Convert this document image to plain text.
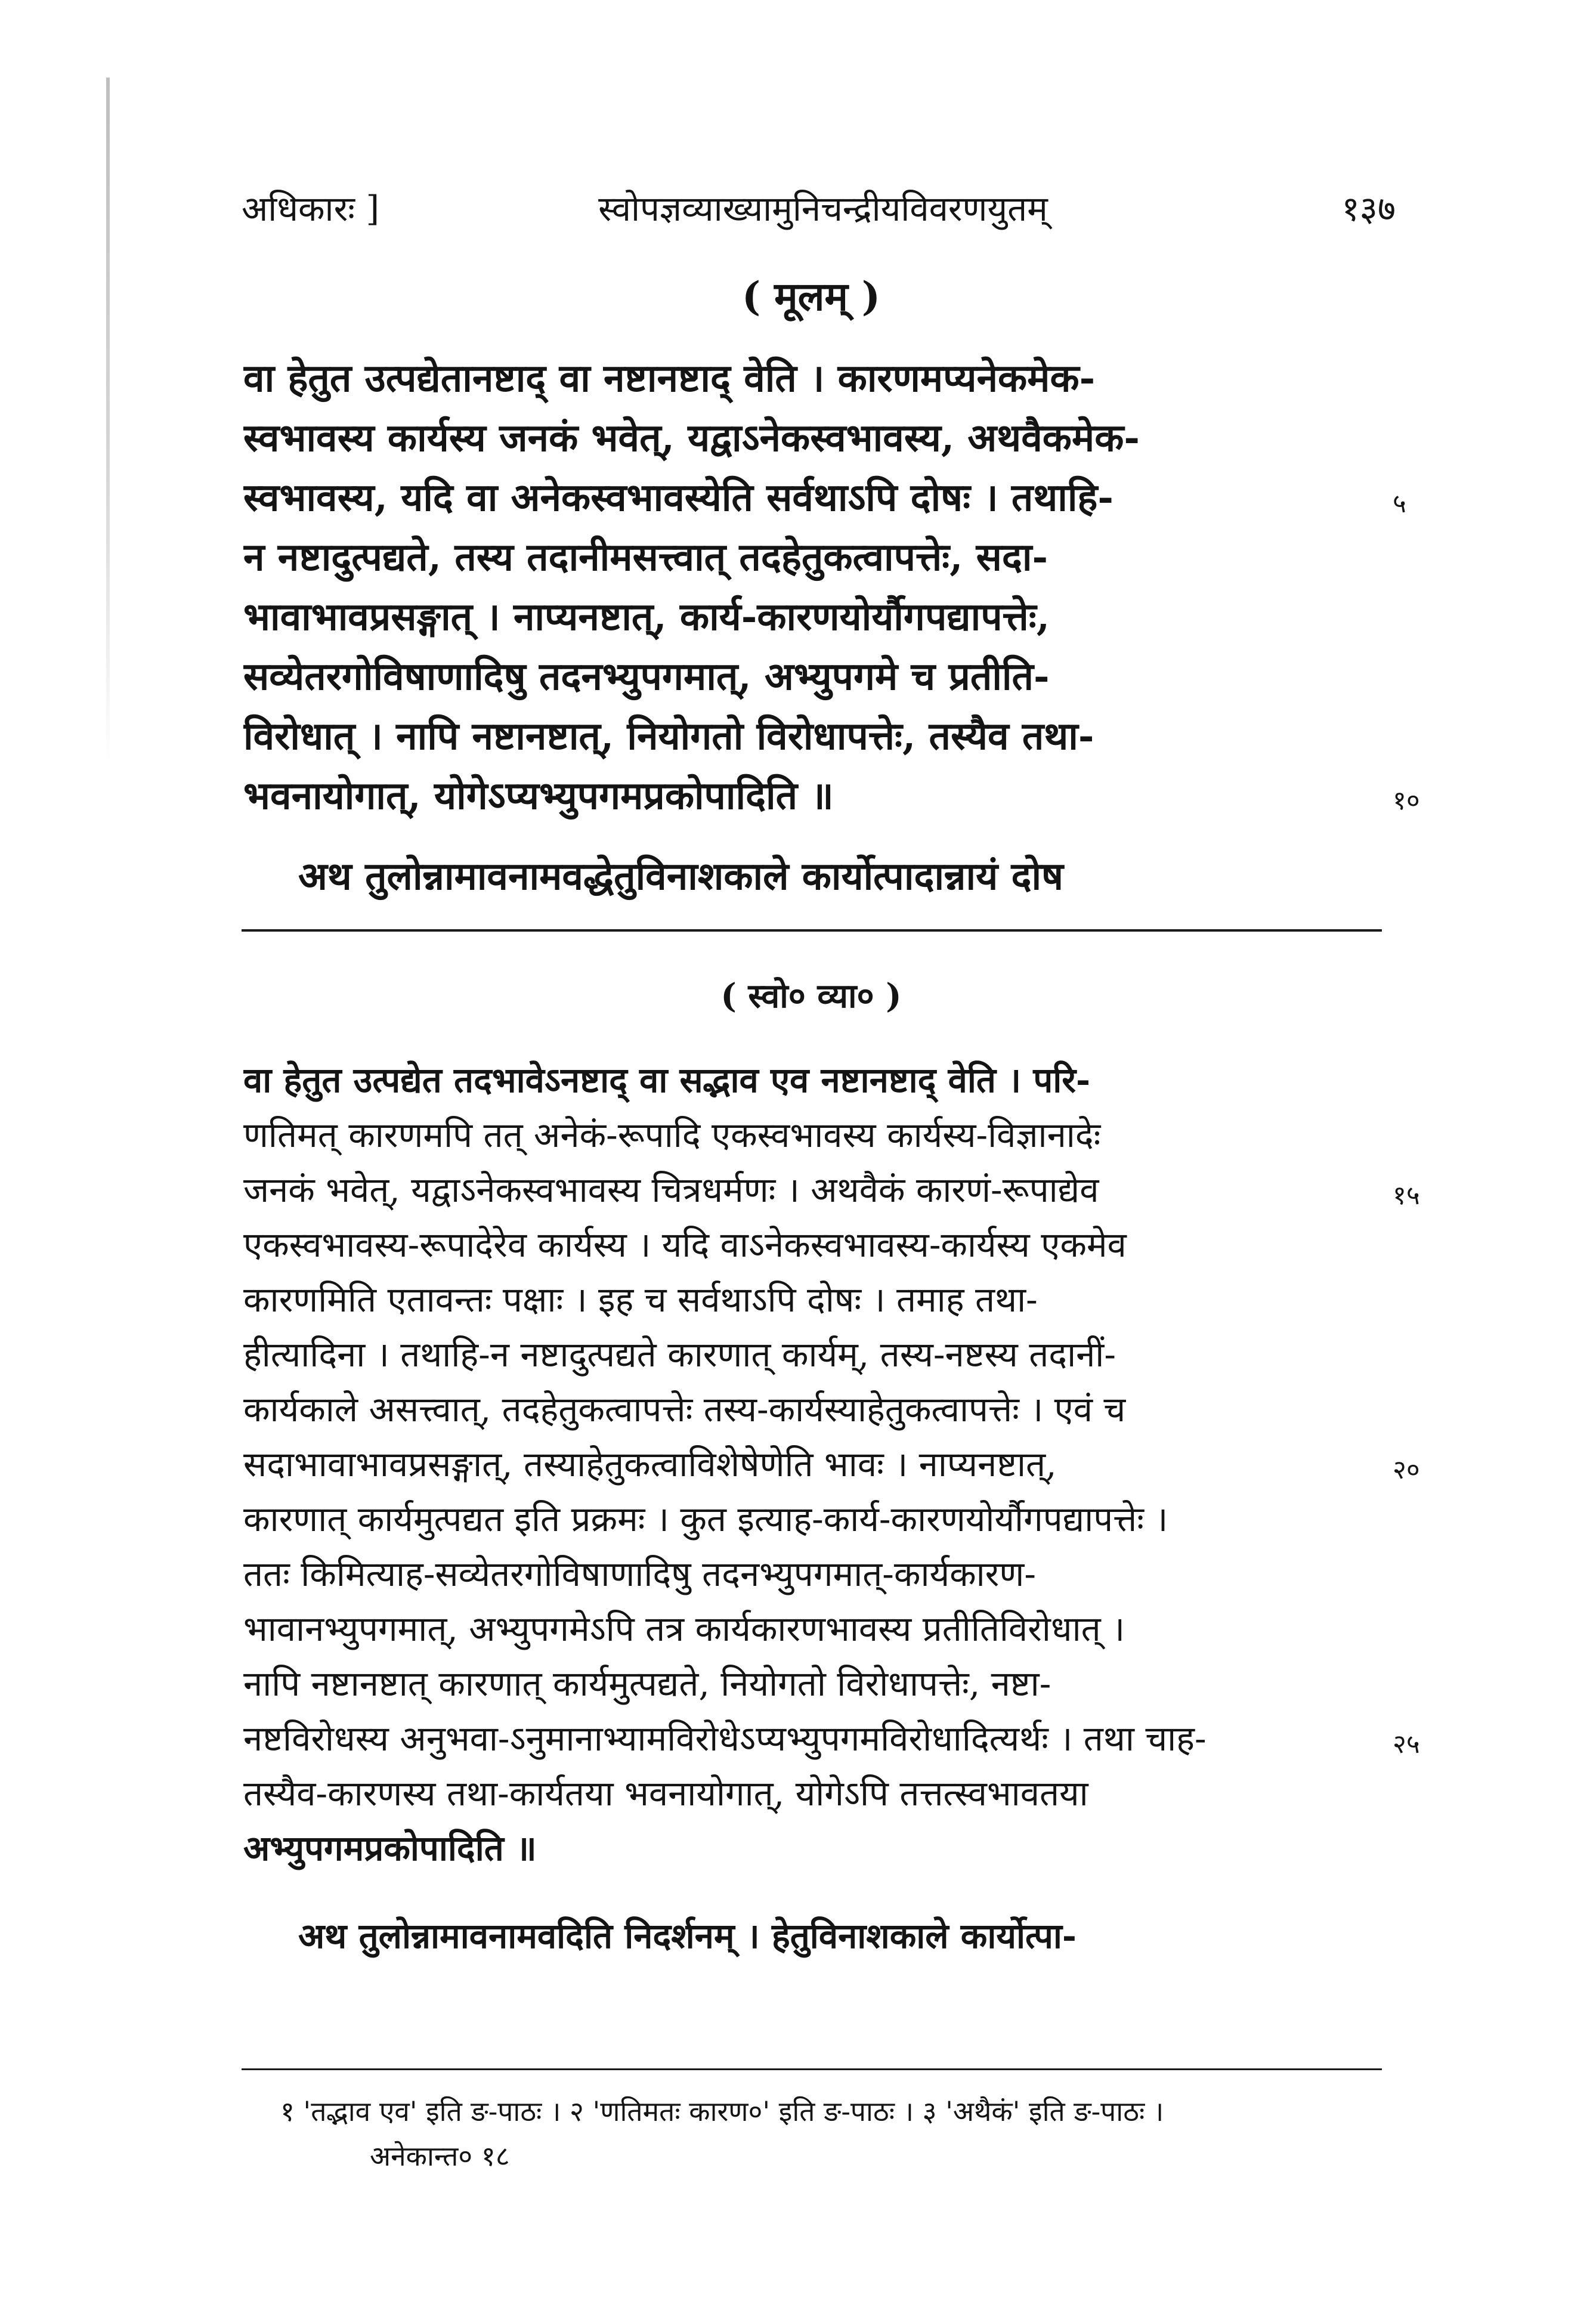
अधिकारः ]	स्वोपज्ञव्याख्यामुनिचन्द्रीयविवरणयुतम्	१३७
( मूलम् )
वा हेतुत उत्पद्येतानष्टाद् वा नष्टानष्टाद् वेति । कारणमप्यनेकमेक-
स्वभावस्य कार्यस्य जनकं भवेत्, यद्वाऽनेकस्वभावस्य, अथवैकमेक-
स्वभावस्य, यदि वा अनेकस्वभावस्येति सर्वथाऽपि दोषः । तथाहि-	५
न नष्टादुत्पद्यते, तस्य तदानीमसत्त्वात् तदहेतुकत्वापत्तेः, सदा-
भावाभावप्रसङ्गात् । नाप्यनष्टात्, कार्य-कारणयोर्यौगपद्यापत्तेः,
सव्येतरगोविषाणादिषु तदनभ्युपगमात्, अभ्युपगमे च प्रतीति-
विरोधात् । नापि नष्टानष्टात्, नियोगतो विरोधापत्तेः, तस्यैव तथा-
भवनायोगात्, योगेऽप्यभ्युपगमप्रकोपादिति ॥	१०
अथ तुलोन्नामावनामवद्धेतुविनाशकाले कार्योत्पादान्नायं दोष
( स्वो० व्या० )
वा हेतुत उत्पद्येत तदभावेऽनष्टाद् वा सद्भाव एव नष्टानष्टाद् वेति । परि-
णतिमत् कारणमपि तत् अनेकं-रूपादि एकस्वभावस्य कार्यस्य-विज्ञानादेः
जनकं भवेत्, यद्वाऽनेकस्वभावस्य चित्रधर्मणः । अथवैकं कारणं-रूपाद्येव	१५
एकस्वभावस्य-रूपादेरेव कार्यस्य । यदि वाऽनेकस्वभावस्य-कार्यस्य एकमेव
कारणमिति एतावन्तः पक्षाः । इह च सर्वथाऽपि दोषः । तमाह तथा-
हीत्यादिना । तथाहि-न नष्टादुत्पद्यते कारणात् कार्यम्, तस्य-नष्टस्य तदानीं-
कार्यकाले असत्त्वात्, तदहेतुकत्वापत्तेः तस्य-कार्यस्याहेतुकत्वापत्तेः । एवं च
सदाभावाभावप्रसङ्गात्, तस्याहेतुकत्वाविशेषेणेति भावः । नाप्यनष्टात्,	२०
कारणात् कार्यमुत्पद्यत इति प्रक्रमः । कुत इत्याह-कार्य-कारणयोर्यौगपद्यापत्तेः ।
ततः किमित्याह-सव्येतरगोविषाणादिषु तदनभ्युपगमात्-कार्यकारण-
भावानभ्युपगमात्, अभ्युपगमेऽपि तत्र कार्यकारणभावस्य प्रतीतिविरोधात् ।
नापि नष्टानष्टात् कारणात् कार्यमुत्पद्यते, नियोगतो विरोधापत्तेः, नष्टा-
नष्टविरोधस्य अनुभवा-ऽनुमानाभ्यामविरोधेऽप्यभ्युपगमविरोधादित्यर्थः । तथा चाह-	२५
तस्यैव-कारणस्य तथा-कार्यतया भवनायोगात्, योगेऽपि तत्तत्स्वभावतया
अभ्युपगमप्रकोपादिति ॥
अथ तुलोन्नामावनामवदिति निदर्शनम् । हेतुविनाशकाले कार्योत्पा-
१ 'तद्भाव एव' इति ङ-पाठः । २ 'णतिमतः कारण०' इति ङ-पाठः । ३ 'अथैकं' इति ङ-पाठः ।
अनेकान्त० १८
